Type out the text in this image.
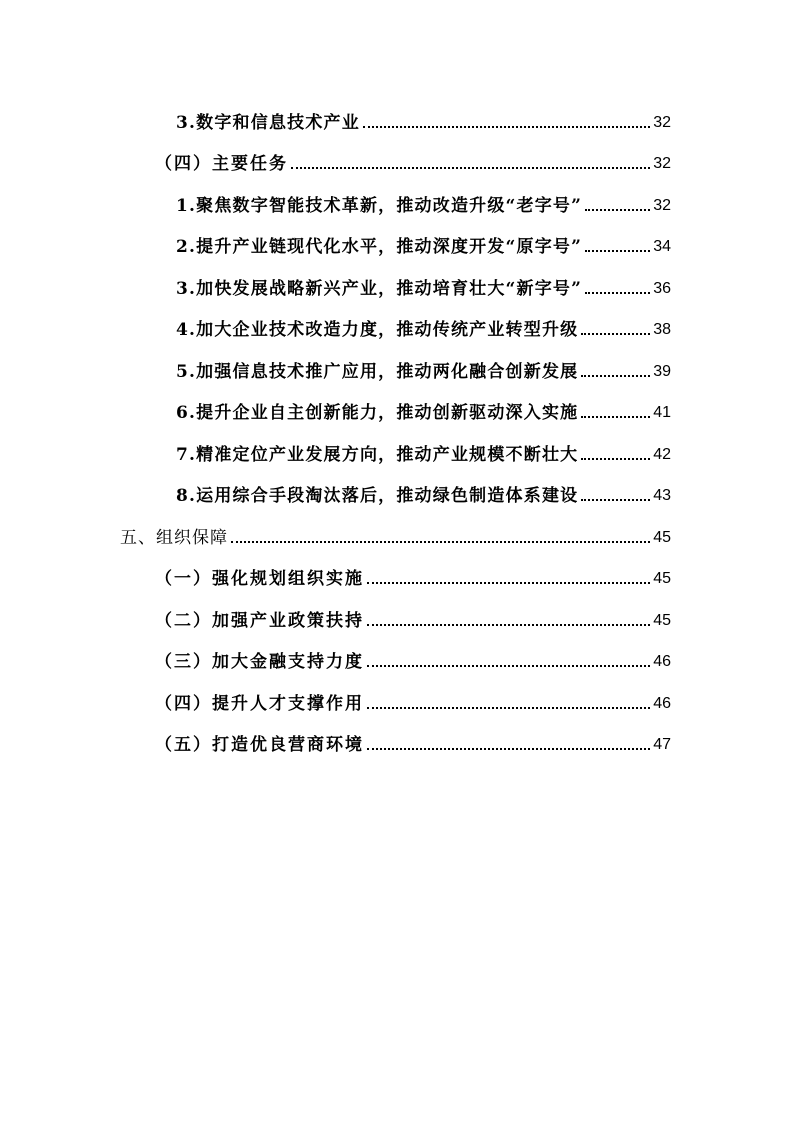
3.数字和信息技术产业	32
（四）主要任务	32
1.聚焦数字智能技术革新，推动改造升级“老字号”	32
2.提升产业链现代化水平，推动深度开发“原字号”	34
3.加快发展战略新兴产业，推动培育壮大“新字号”	36
4.加大企业技术改造力度，推动传统产业转型升级	38
5.加强信息技术推广应用，推动两化融合创新发展	39
6.提升企业自主创新能力，推动创新驱动深入实施	41
7.精准定位产业发展方向，推动产业规模不断壮大	42
8.运用综合手段淘汰落后，推动绿色制造体系建设	43
五、组织保障	45
（一）强化规划组织实施	45
（二）加强产业政策扶持	45
（三）加大金融支持力度	46
（四）提升人才支撑作用	46
（五）打造优良营商环境	47
